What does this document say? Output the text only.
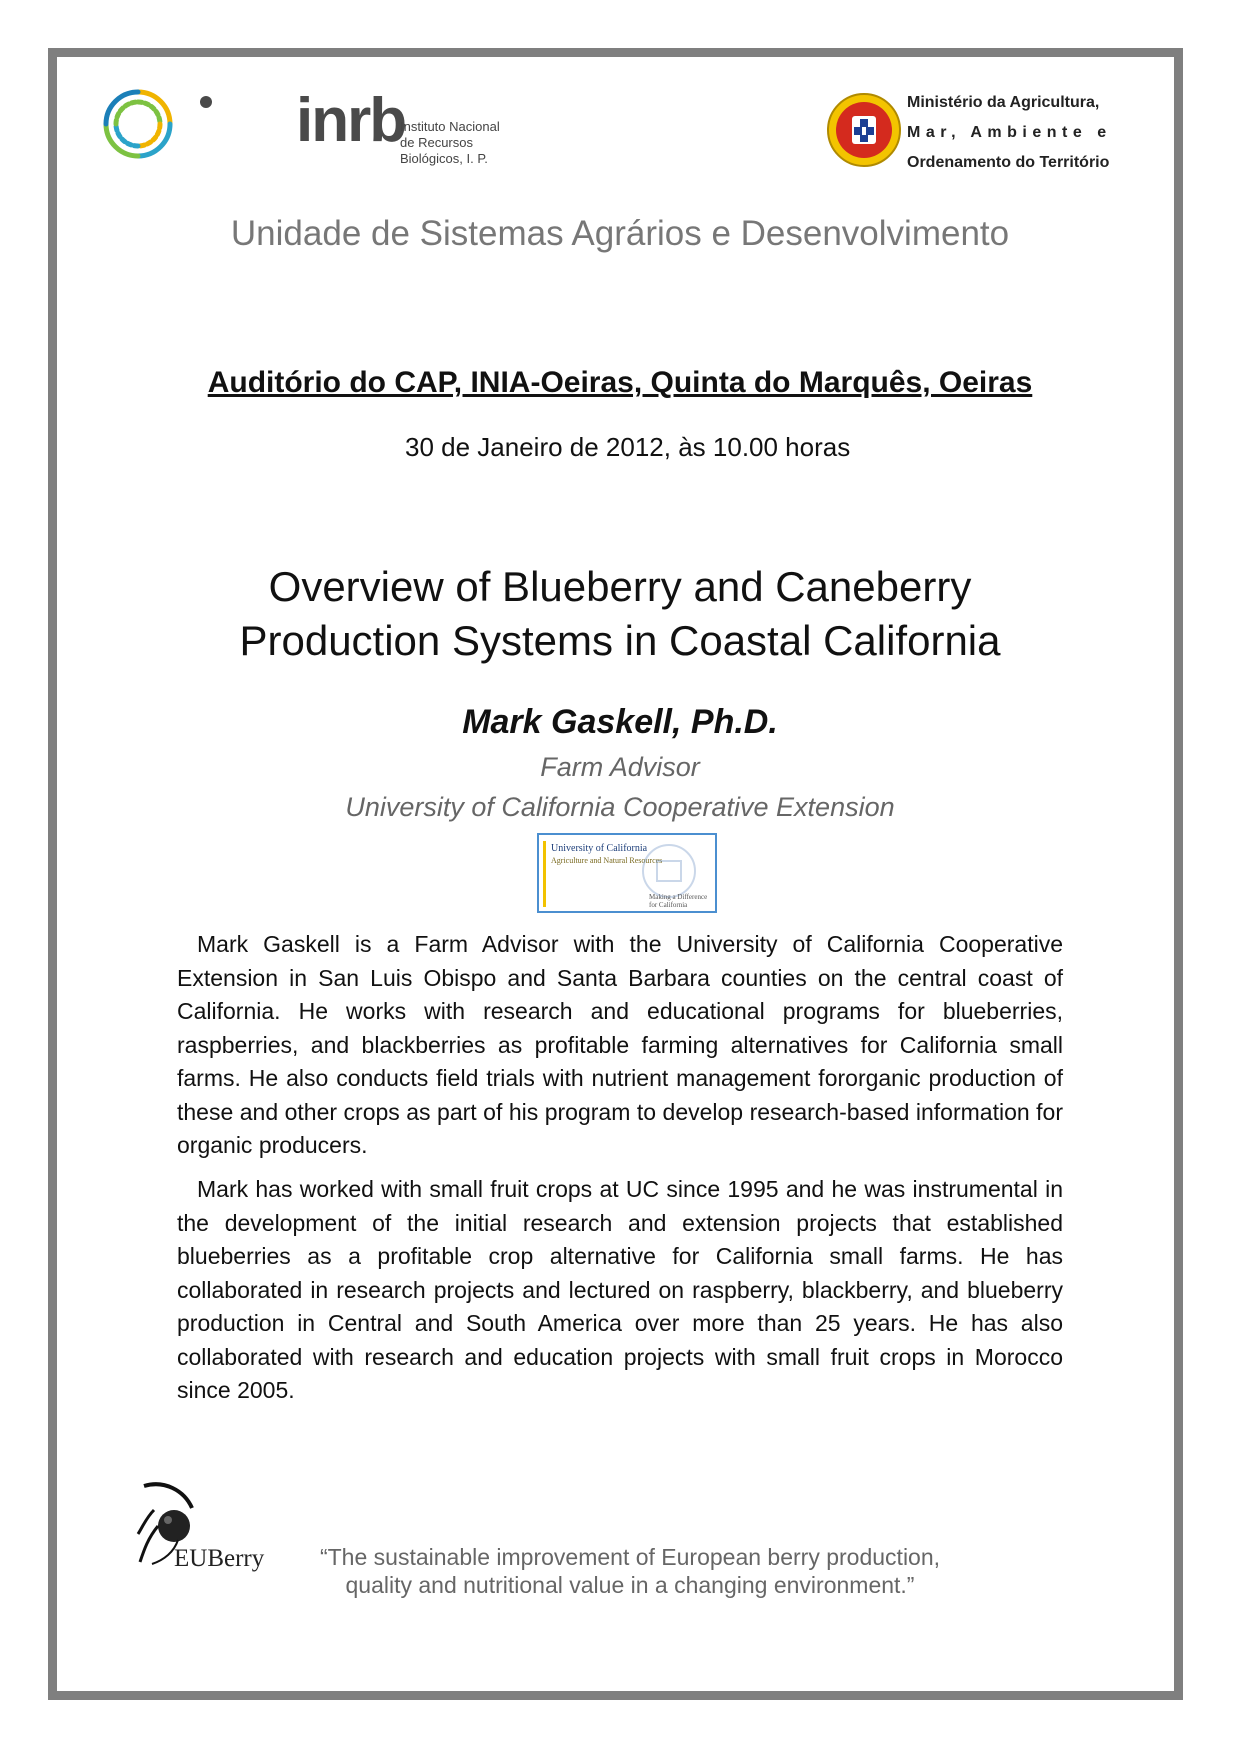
inrb
Instituto Nacional
de Recursos Biológicos, I. P.
Ministério da Agricultura,
Mar, Ambiente e
Ordenamento do Território
Unidade de Sistemas Agrários e Desenvolvimento
Auditório do CAP, INIA-Oeiras, Quinta do Marquês, Oeiras
30 de Janeiro de 2012, às 10.00 horas
Overview of Blueberry and Caneberry
Production Systems in Coastal California
Mark Gaskell, Ph.D.
Farm Advisor
University of California Cooperative Extension
University of California
Agriculture and Natural Resources
Making a Difference for California
Mark Gaskell is a Farm Advisor with the University of California Cooperative Extension in San Luis Obispo and Santa Barbara counties on the central coast of California. He works with research and educational programs for blueberries, raspberries, and blackberries as profitable farming alternatives for California small farms. He also conducts field trials with nutrient management fororganic production of these and other crops as part of his program to develop research-based information for organic producers.
Mark has worked with small fruit crops at UC since 1995 and he was instrumental in the development of the initial research and extension projects that established blueberries as a profitable crop alternative for California small farms. He has collaborated in research projects and lectured on raspberry, blackberry, and blueberry production in Central and South America over more than 25 years. He has also collaborated with research and education projects with small fruit crops in Morocco since 2005.
EUBerry	“The sustainable improvement of European berry production,
quality and nutritional value in a changing environment.”
